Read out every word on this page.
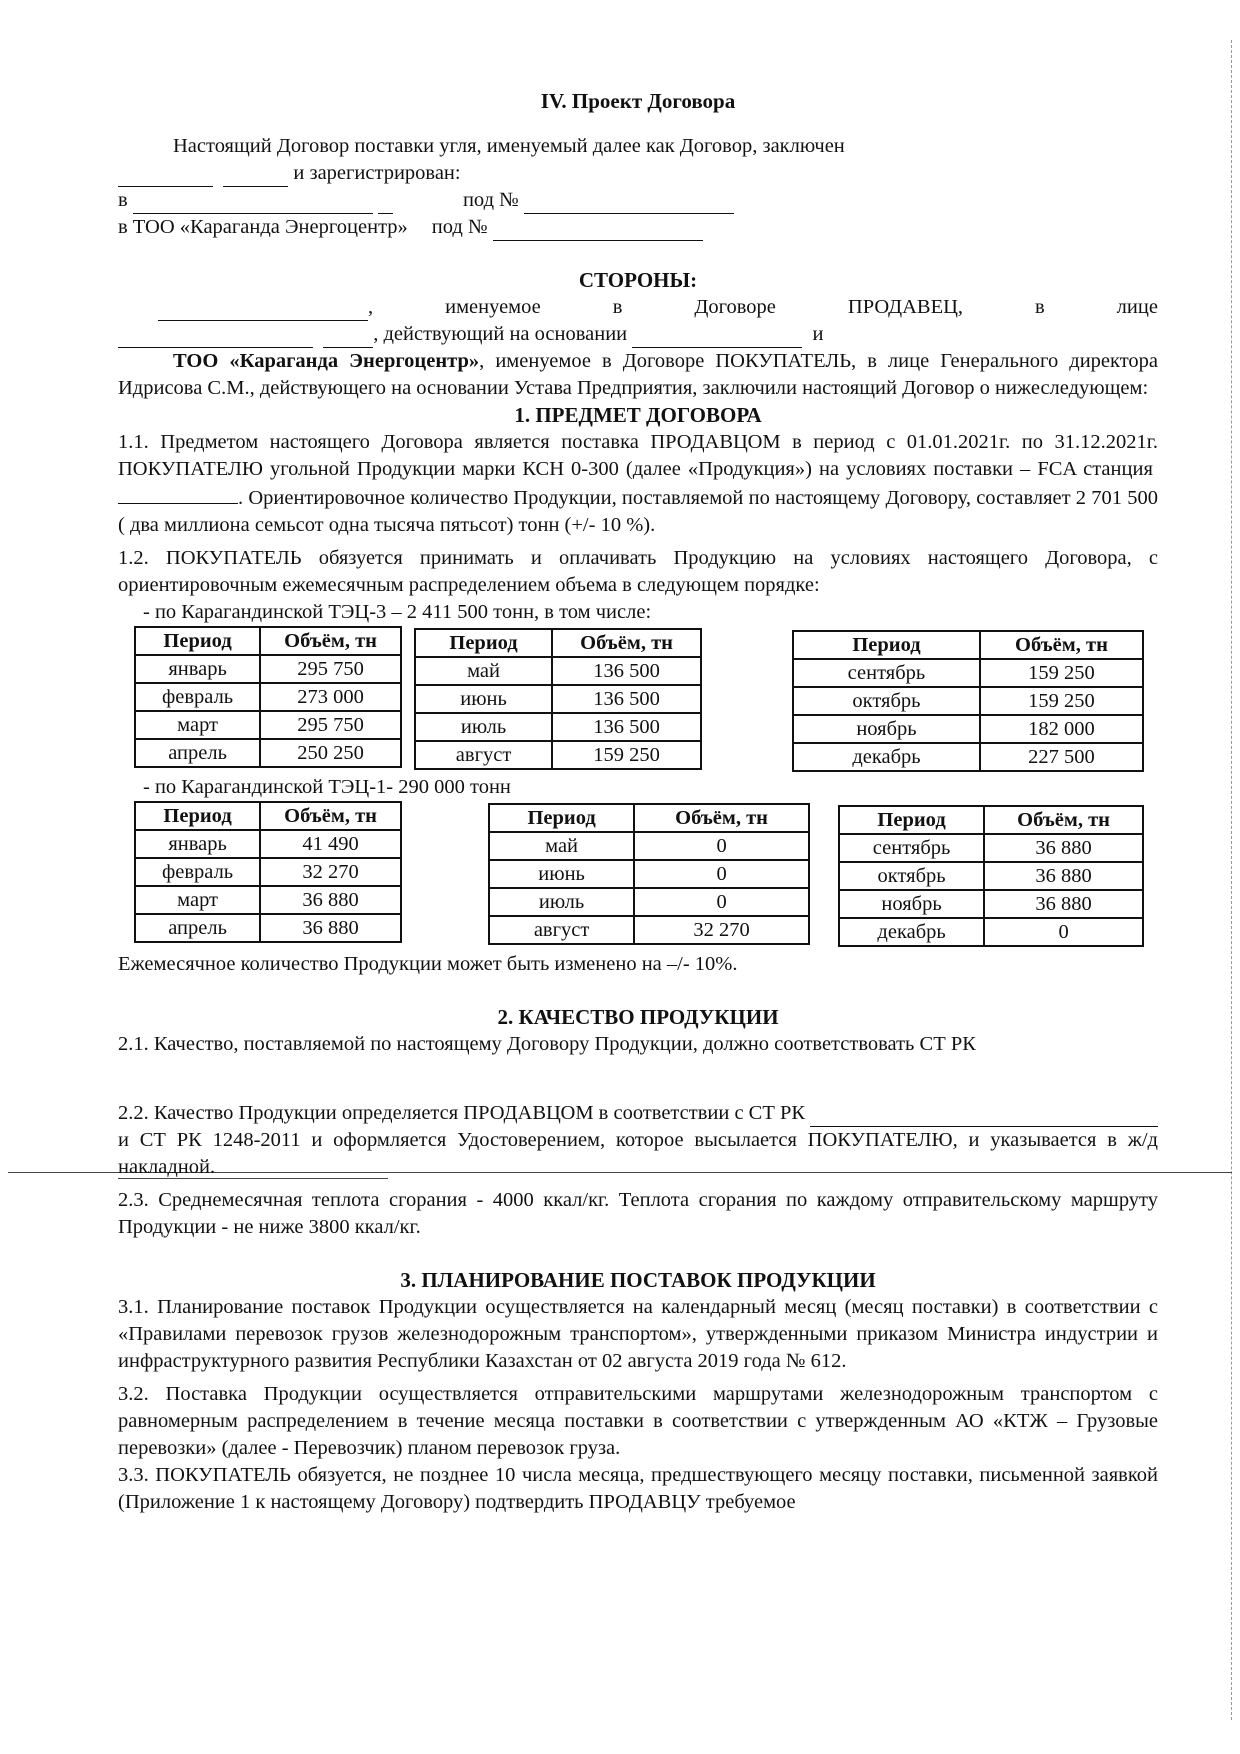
IV. Проект Договора

Настоящий Договор поставки угля, именуемый далее как Договор, заключен

и зарегистрирован:
в

	под №

в ТОО «Караганда Энергоцентр» под №

СТОРОНЫ:
,	именуемое	в	Договоре	ПРОДАВЕЦ,	в	лице

, действующий на основании

	и

ТОО «Караганда Энергоцентр», именуемое в Договоре ПОКУПАТЕЛЬ, в лице Генерального директора Идрисова С.М., действующего на основании Устава Предприятия, заключили настоящий Договор о нижеследующем:

1. ПРЕДМЕТ ДОГОВОРА

1.1. Предметом настоящего Договора является поставка ПРОДАВЦОМ в период с 01.01.2021г. по 31.12.2021г. ПОКУПАТЕЛЮ угольной Продукции марки КСН 0-300 (далее «Продукция») на условиях поставки – FCA станция . Ориентировочное количество Продукции, поставляемой по настоящему Договору, составляет 2 701 500 ( два миллиона семьсот одна тысяча пятьсот) тонн (+/- 10 %).

1.2. ПОКУПАТЕЛЬ обязуется принимать и оплачивать Продукцию на условиях настоящего Договора, с ориентировочным ежемесячным распределением объема в следующем порядке:

- по Карагандинской ТЭЦ-3 – 2 411 500 тонн, в том числе:

Период	Объём, тн
январь	295 750
февраль	273 000
март	295 750
апрель	250 250
Период	Объём, тн
май	136 500
июнь	136 500
июль	136 500
август	159 250
Период	Объём, тн
сентябрь	159 250
октябрь	159 250
ноябрь	182 000
декабрь	227 500

- по Карагандинской ТЭЦ-1- 290 000 тонн

Период	Объём, тн
январь	41 490
февраль	32 270
март	36 880
апрель	36 880
Период	Объём, тн
май	0
июнь	0
июль	0
август	32 270
Период	Объём, тн
сентябрь	36 880
октябрь	36 880
ноябрь	36 880
декабрь	0

Ежемесячное количество Продукции может быть изменено на –/- 10%.

2. КАЧЕСТВО ПРОДУКЦИИ

2.1. Качество, поставляемой по настоящему Договору Продукции, должно соответствовать СТ РК

2.2. Качество Продукции определяется ПРОДАВЦОМ в соответствии с СТ РК

и СТ РК 1248-2011 и оформляется Удостоверением, которое высылается ПОКУПАТЕЛЮ, и указывается в ж/д накладной.

2.3. Среднемесячная теплота сгорания - 4000 ккал/кг. Теплота сгорания по каждому отправительскому маршруту Продукции - не ниже 3800 ккал/кг.

3. ПЛАНИРОВАНИЕ ПОСТАВОК ПРОДУКЦИИ

3.1. Планирование поставок Продукции осуществляется на календарный месяц (месяц поставки) в соответствии с «Правилами перевозок грузов железнодорожным транспортом», утвержденными приказом Министра индустрии и инфраструктурного развития Республики Казахстан от 02 августа 2019 года № 612.

3.2. Поставка Продукции осуществляется отправительскими маршрутами железнодорожным транспортом с равномерным распределением в течение месяца поставки в соответствии с утвержденным АО «КТЖ – Грузовые перевозки» (далее - Перевозчик) планом перевозок груза.

3.3. ПОКУПАТЕЛЬ обязуется, не позднее 10 числа месяца, предшествующего месяцу поставки, письменной заявкой (Приложение 1 к настоящему Договору) подтвердить ПРОДАВЦУ требуемое
